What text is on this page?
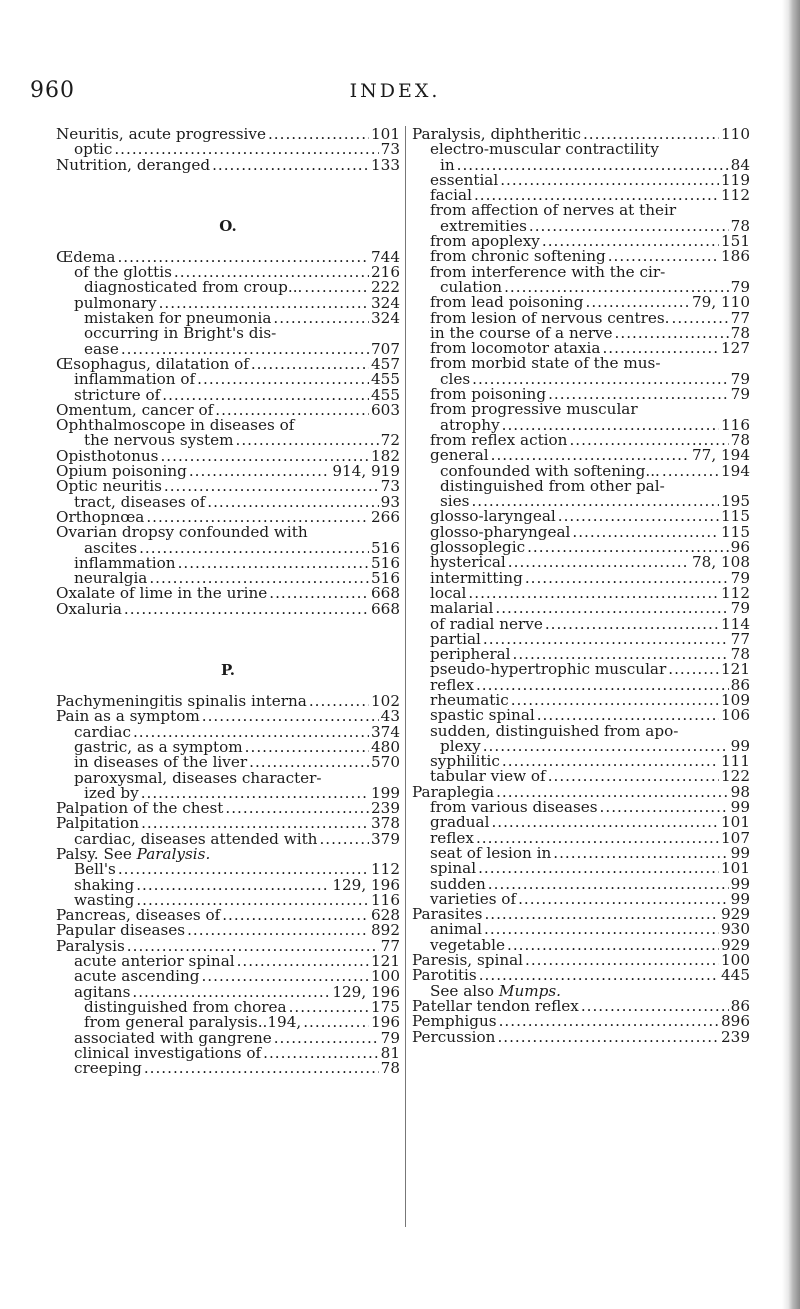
960	INDEX.
Neuritis, acute progressive .....	101
optic .....	73
Nutrition, deranged .....	133
O.
Œdema .....	744
of the glottis .....	216
diagnosticated from croup... .....	222
pulmonary .....	324
mistaken for pneumonia .....	324
occurring in Bright's dis-
ease .....	707
Œsophagus, dilatation of .....	457
inflammation of .....	455
stricture of .....	455
Omentum, cancer of .....	603
Ophthalmoscope in diseases of
the nervous system .....	72
Opisthotonus .....	182
Opium poisoning .....	914, 919
Optic neuritis .....	73
tract, diseases of .....	93
Orthopnœa .....	266
Ovarian dropsy confounded with
ascites .....	516
inflammation .....	516
neuralgia .....	516
Oxalate of lime in the urine .....	668
Oxaluria .....	668
P.
Pachymeningitis spinalis interna .....	102
Pain as a symptom .....	43
cardiac .....	374
gastric, as a symptom .....	480
in diseases of the liver .....	570
paroxysmal, diseases character-
ized by .....	199
Palpation of the chest .....	239
Palpitation .....	378
cardiac, diseases attended with .....	379
Palsy. See Paralysis.
Bell's .....	112
shaking .....	129, 196
wasting .....	116
Pancreas, diseases of .....	628
Papular diseases .....	892
Paralysis .....	77
acute anterior spinal .....	121
acute ascending .....	100
agitans .....	129, 196
distinguished from chorea .....	175
from general paralysis..194, .....	196
associated with gangrene .....	79
clinical investigations of .....	81
creeping .....	78
Paralysis, diphtheritic .....	110
electro-muscular contractility
in .....	84
essential .....	119
facial .....	112
from affection of nerves at their
extremities .....	78
from apoplexy .....	151
from chronic softening .....	186
from interference with the cir-
culation .....	79
from lead poisoning .....	79, 110
from lesion of nervous centres. .....	77
in the course of a nerve .....	78
from locomotor ataxia .....	127
from morbid state of the mus-
cles .....	79
from poisoning .....	79
from progressive muscular
atrophy .....	116
from reflex action .....	78
general .....	77, 194
confounded with softening... .....	194
distinguished from other pal-
sies .....	195
glosso-laryngeal .....	115
glosso-pharyngeal .....	115
glossoplegic .....	96
hysterical .....	78, 108
intermitting .....	79
local .....	112
malarial .....	79
of radial nerve .....	114
partial .....	77
peripheral .....	78
pseudo-hypertrophic muscular .....	121
reflex .....	86
rheumatic .....	109
spastic spinal .....	106
sudden, distinguished from apo-
plexy .....	99
syphilitic .....	111
tabular view of .....	122
Paraplegia .....	98
from various diseases .....	99
gradual .....	101
reflex .....	107
seat of lesion in .....	99
spinal .....	101
sudden .....	99
varieties of .....	99
Parasites .....	929
animal .....	930
vegetable .....	929
Paresis, spinal .....	100
Parotitis .....	445
See also Mumps.
Patellar tendon reflex .....	86
Pemphigus .....	896
Percussion .....	239
